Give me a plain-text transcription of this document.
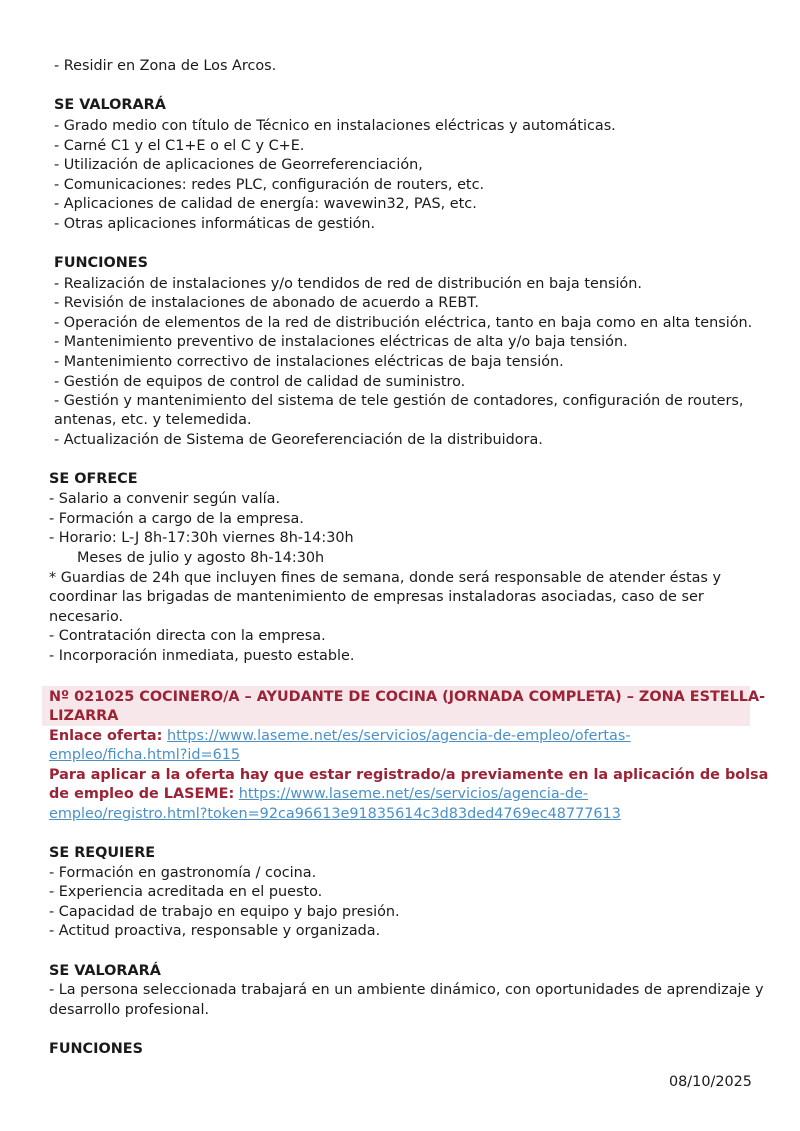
- Residir en Zona de Los Arcos.
SE VALORARÁ
- Grado medio con título de Técnico en instalaciones eléctricas y automáticas.
- Carné C1 y el C1+E o el C y C+E.
- Utilización de aplicaciones de Georreferenciación,
- Comunicaciones: redes PLC, configuración de routers, etc.
- Aplicaciones de calidad de energía: wavewin32, PAS, etc.
- Otras aplicaciones informáticas de gestión.
FUNCIONES
- Realización de instalaciones y/o tendidos de red de distribución en baja tensión.
- Revisión de instalaciones de abonado de acuerdo a REBT.
- Operación de elementos de la red de distribución eléctrica, tanto en baja como en alta tensión.
- Mantenimiento preventivo de instalaciones eléctricas de alta y/o baja tensión.
- Mantenimiento correctivo de instalaciones eléctricas de baja tensión.
- Gestión de equipos de control de calidad de suministro.
- Gestión y mantenimiento del sistema de tele gestión de contadores, configuración de routers,
antenas, etc. y telemedida.
- Actualización de Sistema de Georeferenciación de la distribuidora.
SE OFRECE
- Salario a convenir según valía.
- Formación a cargo de la empresa.
- Horario: L-J 8h-17:30h viernes 8h-14:30h
Meses de julio y agosto 8h-14:30h
* Guardias de 24h que incluyen fines de semana, donde será responsable de atender éstas y
coordinar las brigadas de mantenimiento de empresas instaladoras asociadas, caso de ser
necesario.
- Contratación directa con la empresa.
- Incorporación inmediata, puesto estable.
Nº 021025 COCINERO/A – AYUDANTE DE COCINA (JORNADA COMPLETA) – ZONA ESTELLA-
LIZARRA
Enlace oferta: https://www.laseme.net/es/servicios/agencia-de-empleo/ofertas-
empleo/ficha.html?id=615
Para aplicar a la oferta hay que estar registrado/a previamente en la aplicación de bolsa
de empleo de LASEME: https://www.laseme.net/es/servicios/agencia-de-
empleo/registro.html?token=92ca96613e91835614c3d83ded4769ec48777613
SE REQUIERE
- Formación en gastronomía / cocina.
- Experiencia acreditada en el puesto.
- Capacidad de trabajo en equipo y bajo presión.
- Actitud proactiva, responsable y organizada.
SE VALORARÁ
- La persona seleccionada trabajará en un ambiente dinámico, con oportunidades de aprendizaje y
desarrollo profesional.
FUNCIONES
08/10/2025
